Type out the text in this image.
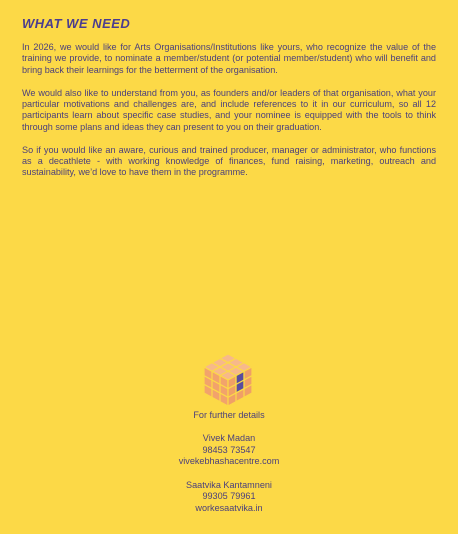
WHAT WE NEED

In 2026, we would like for Arts Organisations/Institutions like yours, who recognize the value of the training we provide, to nominate a member/student (or potential member/student) who will benefit and bring back their learnings for the betterment of the organisation.

We would also like to understand from you, as founders and/or leaders of that organisation, what your particular motivations and challenges are, and include references to it in our curriculum, so all 12 participants learn about specific case studies, and your nominee is equipped with the tools to think through some plans and ideas they can present to you on their graduation.

So if you would like an aware, curious and trained producer, manager or administrator, who functions as a decathlete - with working knowledge of finances, fund raising, marketing, outreach and sustainability, we’d love to have them in the programme.

For further details
Vivek Madan
98453 73547
vivekebhashacentre.com
Saatvika Kantamneni
99305 79961
workesaatvika.in
